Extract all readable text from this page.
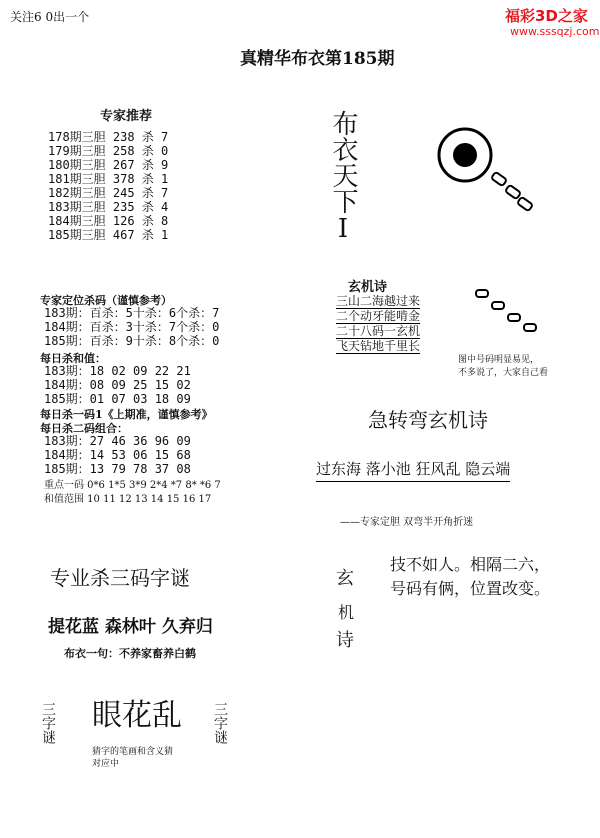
关注6 0出一个	福彩3D之家
www.sssqzj.com
真精华布衣第185期
专家推荐
178期三胆 238 杀 7
179期三胆 258 杀 0
180期三胆 267 杀 9
181期三胆 378 杀 1
182期三胆 245 杀 7
183期三胆 235 杀 4
184期三胆 126 杀 8
185期三胆 467 杀 1
专家定位杀码（谨慎参考）
183期：百杀：5十杀：6个杀：7
184期：百杀：3十杀：7个杀：0
185期：百杀：9十杀：8个杀：0
每日杀和值：
183期：18 02 09 22 21
184期：08 09 25 15 02
185期：01 07 03 18 09
每日杀一码1《上期准，谨慎参考》
每日杀二码组合：
183期：27 46 36 96 09
184期：14 53 06 15 68
185期：13 79 78 37 08
重点一码 0*6 1*5 3*9 2*4 *7 8* *6 7
和值范围 10 11 12 13 14 15 16 17
专业杀三码字谜
提花蓝 森林叶 久弃归
布衣一句：不养家畜养白鹤
三字谜 眼花乱 三字谜
猜字的笔画和含义猜
对应中
布衣天下Ⅰ
玄机诗
三山二海越过来
二个动牙能啃金
二十八码一玄机
飞天钻地千里长
图中号码明显易见，
不多说了，大家自己看
急转弯玄机诗
过东海 落小池 狂风乱 隐云端
——专家定胆 双弯半开角折迷
玄
机
诗
技不如人。相隔二六，
号码有俩，位置改变。
